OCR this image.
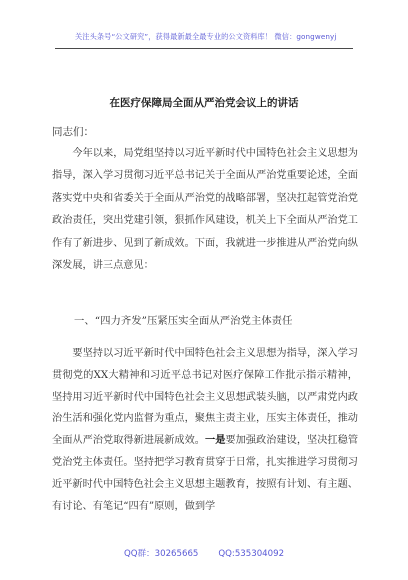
关注头条号“公文研究”，获得最新最全最专业的公文资料库！ 微信：gongwenyj
在医疗保障局全面从严治党会议上的讲话
同志们：

今年以来，局党组坚持以习近平新时代中国特色社会主义思想为指导，深入学习贯彻习近平总书记关于全面从严治党重要论述，全面落实党中央和省委关于全面从严治党的战略部署，坚决扛起管党治党政治责任，突出党建引领，狠抓作风建设，机关上下全面从严治党工作有了新进步、见到了新成效。下面，我就进一步推进从严治党向纵深发展，讲三点意见：

一、“四力齐发”压紧压实全面从严治党主体责任

要坚持以习近平新时代中国特色社会主义思想为指导，深入学习贯彻党的XX大精神和习近平总书记对医疗保障工作批示指示精神，坚持用习近平新时代中国特色社会主义思想武装头脑，以严肃党内政治生活和强化党内监督为重点，聚焦主责主业，压实主体责任，推动全面从严治党取得新进展新成效。一是要加强政治建设，坚决扛稳管党治党主体责任。坚持把学习教育贯穿于日常，扎实推进学习贯彻习近平新时代中国特色社会主义思想主题教育，按照有计划、有主题、有讨论、有笔记“四有”原则，做到学

QQ群：30265665 QQ:535304092
